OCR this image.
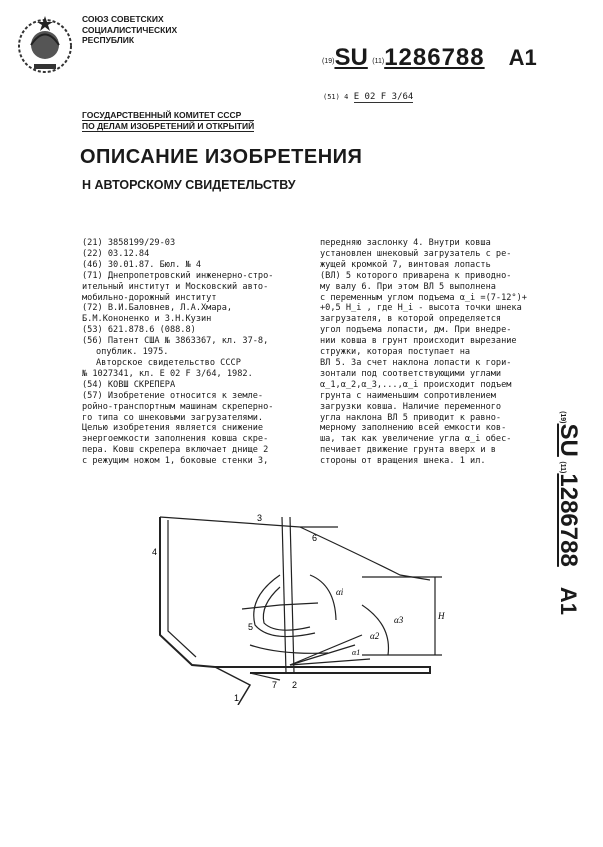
СОЮЗ СОВЕТСКИХ
СОЦИАЛИСТИЧЕСКИХ
РЕСПУБЛИК
(19)SU (11)1286788 A1
(51) 4 E 02 F 3/64
ГОСУДАРСТВЕННЫЙ КОМИТЕТ СССР
ПО ДЕЛАМ ИЗОБРЕТЕНИЙ И ОТКРЫТИЙ
ОПИСАНИЕ ИЗОБРЕТЕНИЯ
Н АВТОРСКОМУ СВИДЕТЕЛЬСТВУ
(21) 3858199/29-03
(22) 03.12.84
(46) 30.01.87. Бюл. № 4
(71) Днепропетровский инженерно-стро-
ительный институт и Московский авто-
мобильно-дорожный институт
(72) В.И.Баловнев, Л.А.Хмара,
Б.М.Кононенко и З.Н.Кузин
(53) 621.878.6 (088.8)
(56) Патент США № 3863367, кл. 37-8,
опублик. 1975.
Авторское свидетельство СССР
№ 1027341, кл. Е 02 F 3/64, 1982.
(54) КОВШ СКРЕПЕРА
(57) Изобретение относится к земле-
ройно-транспортным машинам скреперно-
го типа со шнековыми загрузателями.
Целью изобретения является снижение
энергоемкости заполнения ковша скре-
пера. Ковш скрепера включает днище 2
с режущим ножом 1, боковые стенки 3,
передняю заслонку 4. Внутри ковша
установлен шнековый загрузатель с ре-
жущей кромкой 7, винтовая лопасть
(ВЛ) 5 которого приварена к приводно-
му валу 6. При этом ВЛ 5 выполнена
с переменным углом подъема α_i =(7-12°)+
+0,5 H_i , где H_i - высота точки шнека
загрузателя, в которой определяется
угол подъема лопасти, дм. При внедре-
нии ковша в грунт происходит вырезание
стружки, которая поступает на
ВЛ 5. За счет наклона лопасти к гори-
зонтали под соответствующими углами
α_1,α_2,α_3,...,α_i происходит подъем
грунта с наименьшим сопротивлением
загрузки ковша. Наличие переменного
угла наклона ВЛ 5 приводит к равно-
мерному заполнению всей емкости ков-
ша, так как увеличение угла α_i обес-
печивает движение грунта вверх и в
стороны от вращения шнека. 1 ил.
(19)SU (11)1286788A1
4
3
6
5
1
7 2
αi
α3
α2
α1
H
